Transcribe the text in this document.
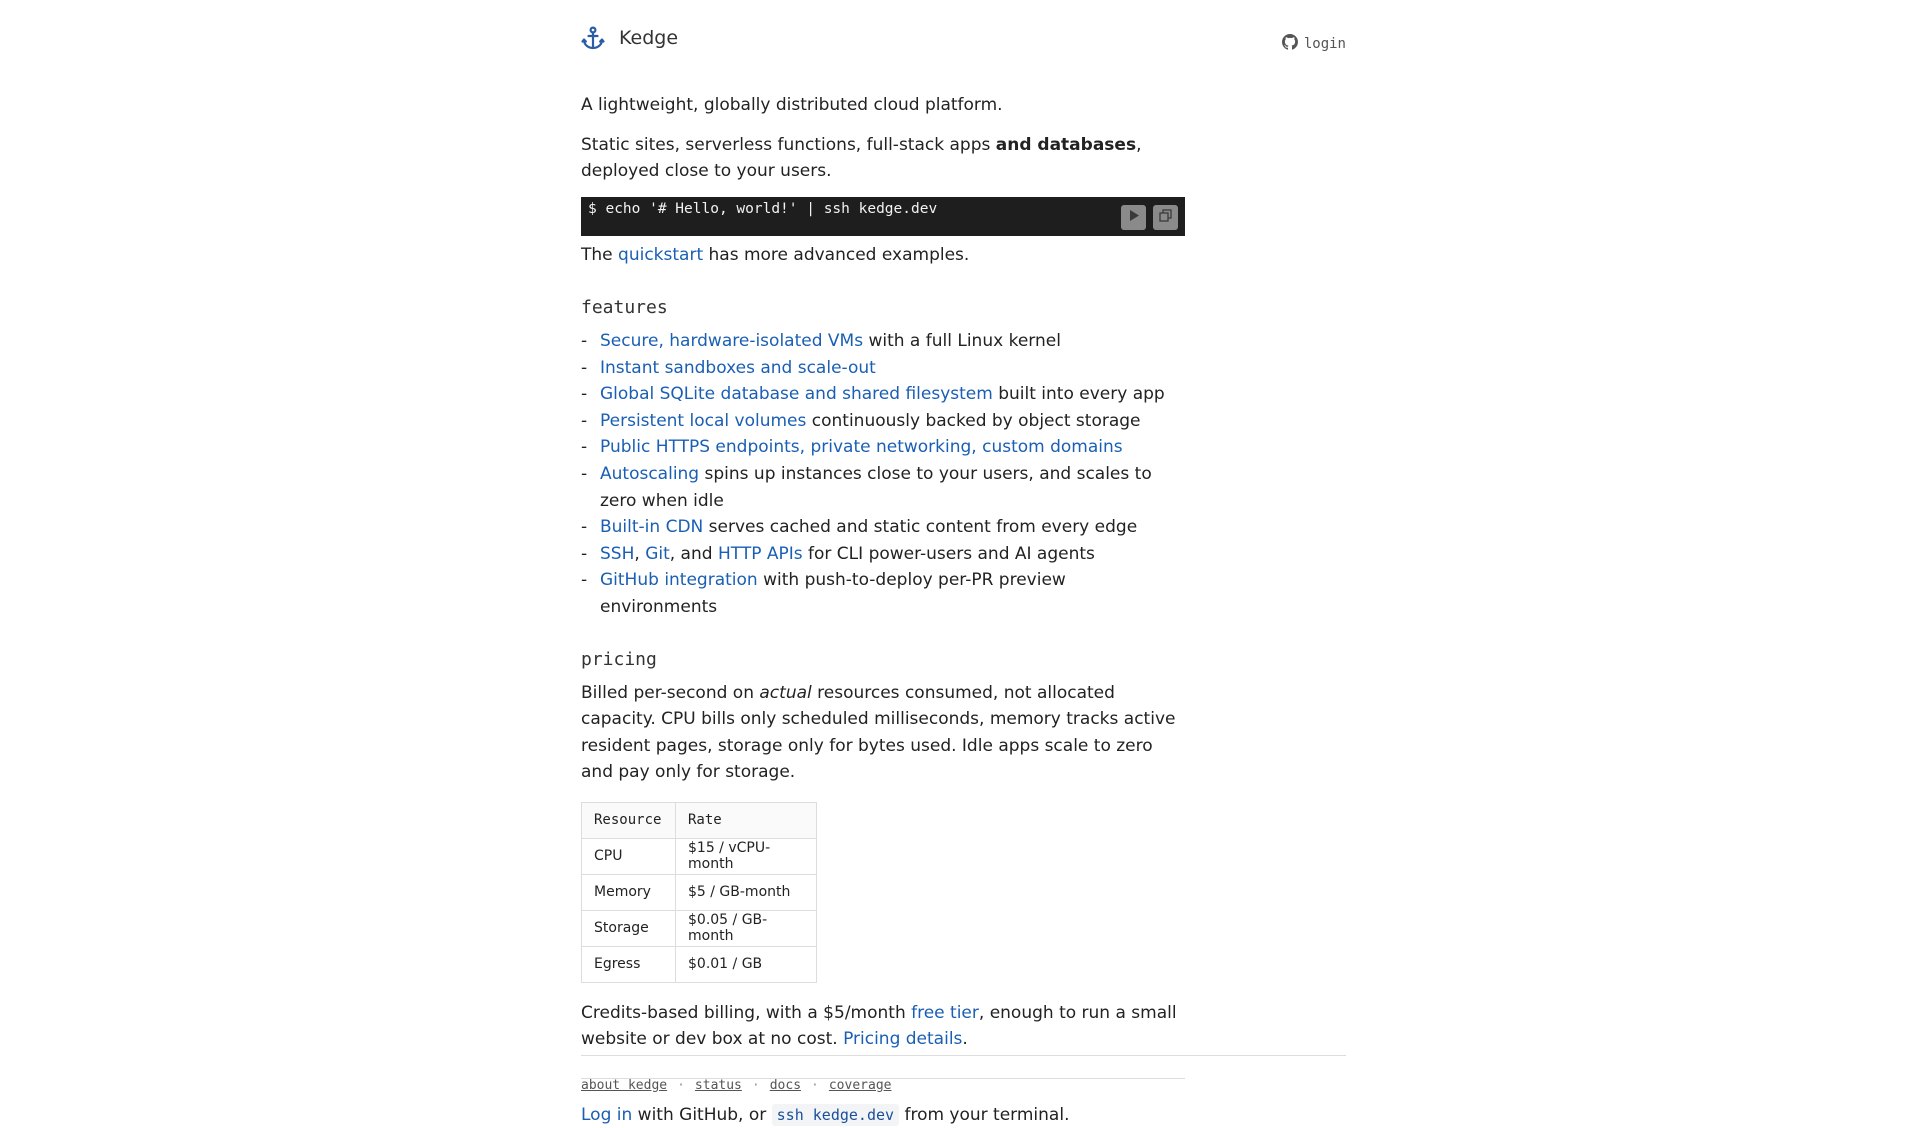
Kedge	login

A lightweight, globally distributed cloud platform.

Static sites, serverless functions, full-stack apps and databases, deployed close to your users.

$ echo '# Hello, world!' | ssh kedge.dev

The quickstart has more advanced examples.

features
- Secure, hardware-isolated VMs with a full Linux kernel
- Instant sandboxes and scale-out
- Global SQLite database and shared filesystem built into every app
- Persistent local volumes continuously backed by object storage
- Public HTTPS endpoints, private networking, custom domains
- Autoscaling spins up instances close to your users, and scales to zero when idle
- Built-in CDN serves cached and static content from every edge
- SSH, Git, and HTTP APIs for CLI power-users and AI agents
- GitHub integration with push-to-deploy per-PR preview environments
pricing

Billed per-second on actual resources consumed, not allocated capacity. CPU bills only scheduled milliseconds, memory tracks active resident pages, storage only for bytes used. Idle apps scale to zero and pay only for storage.

Resource	Rate
CPU	$15 / vCPU-month
Memory	$5 / GB-month
Storage	$0.05 / GB-month
Egress	$0.01 / GB

Credits-based billing, with a $5/month free tier, enough to run a small website or dev box at no cost. Pricing details.

Log in with GitHub, or ssh kedge.dev from your terminal.

about kedge · status · docs · coverage
